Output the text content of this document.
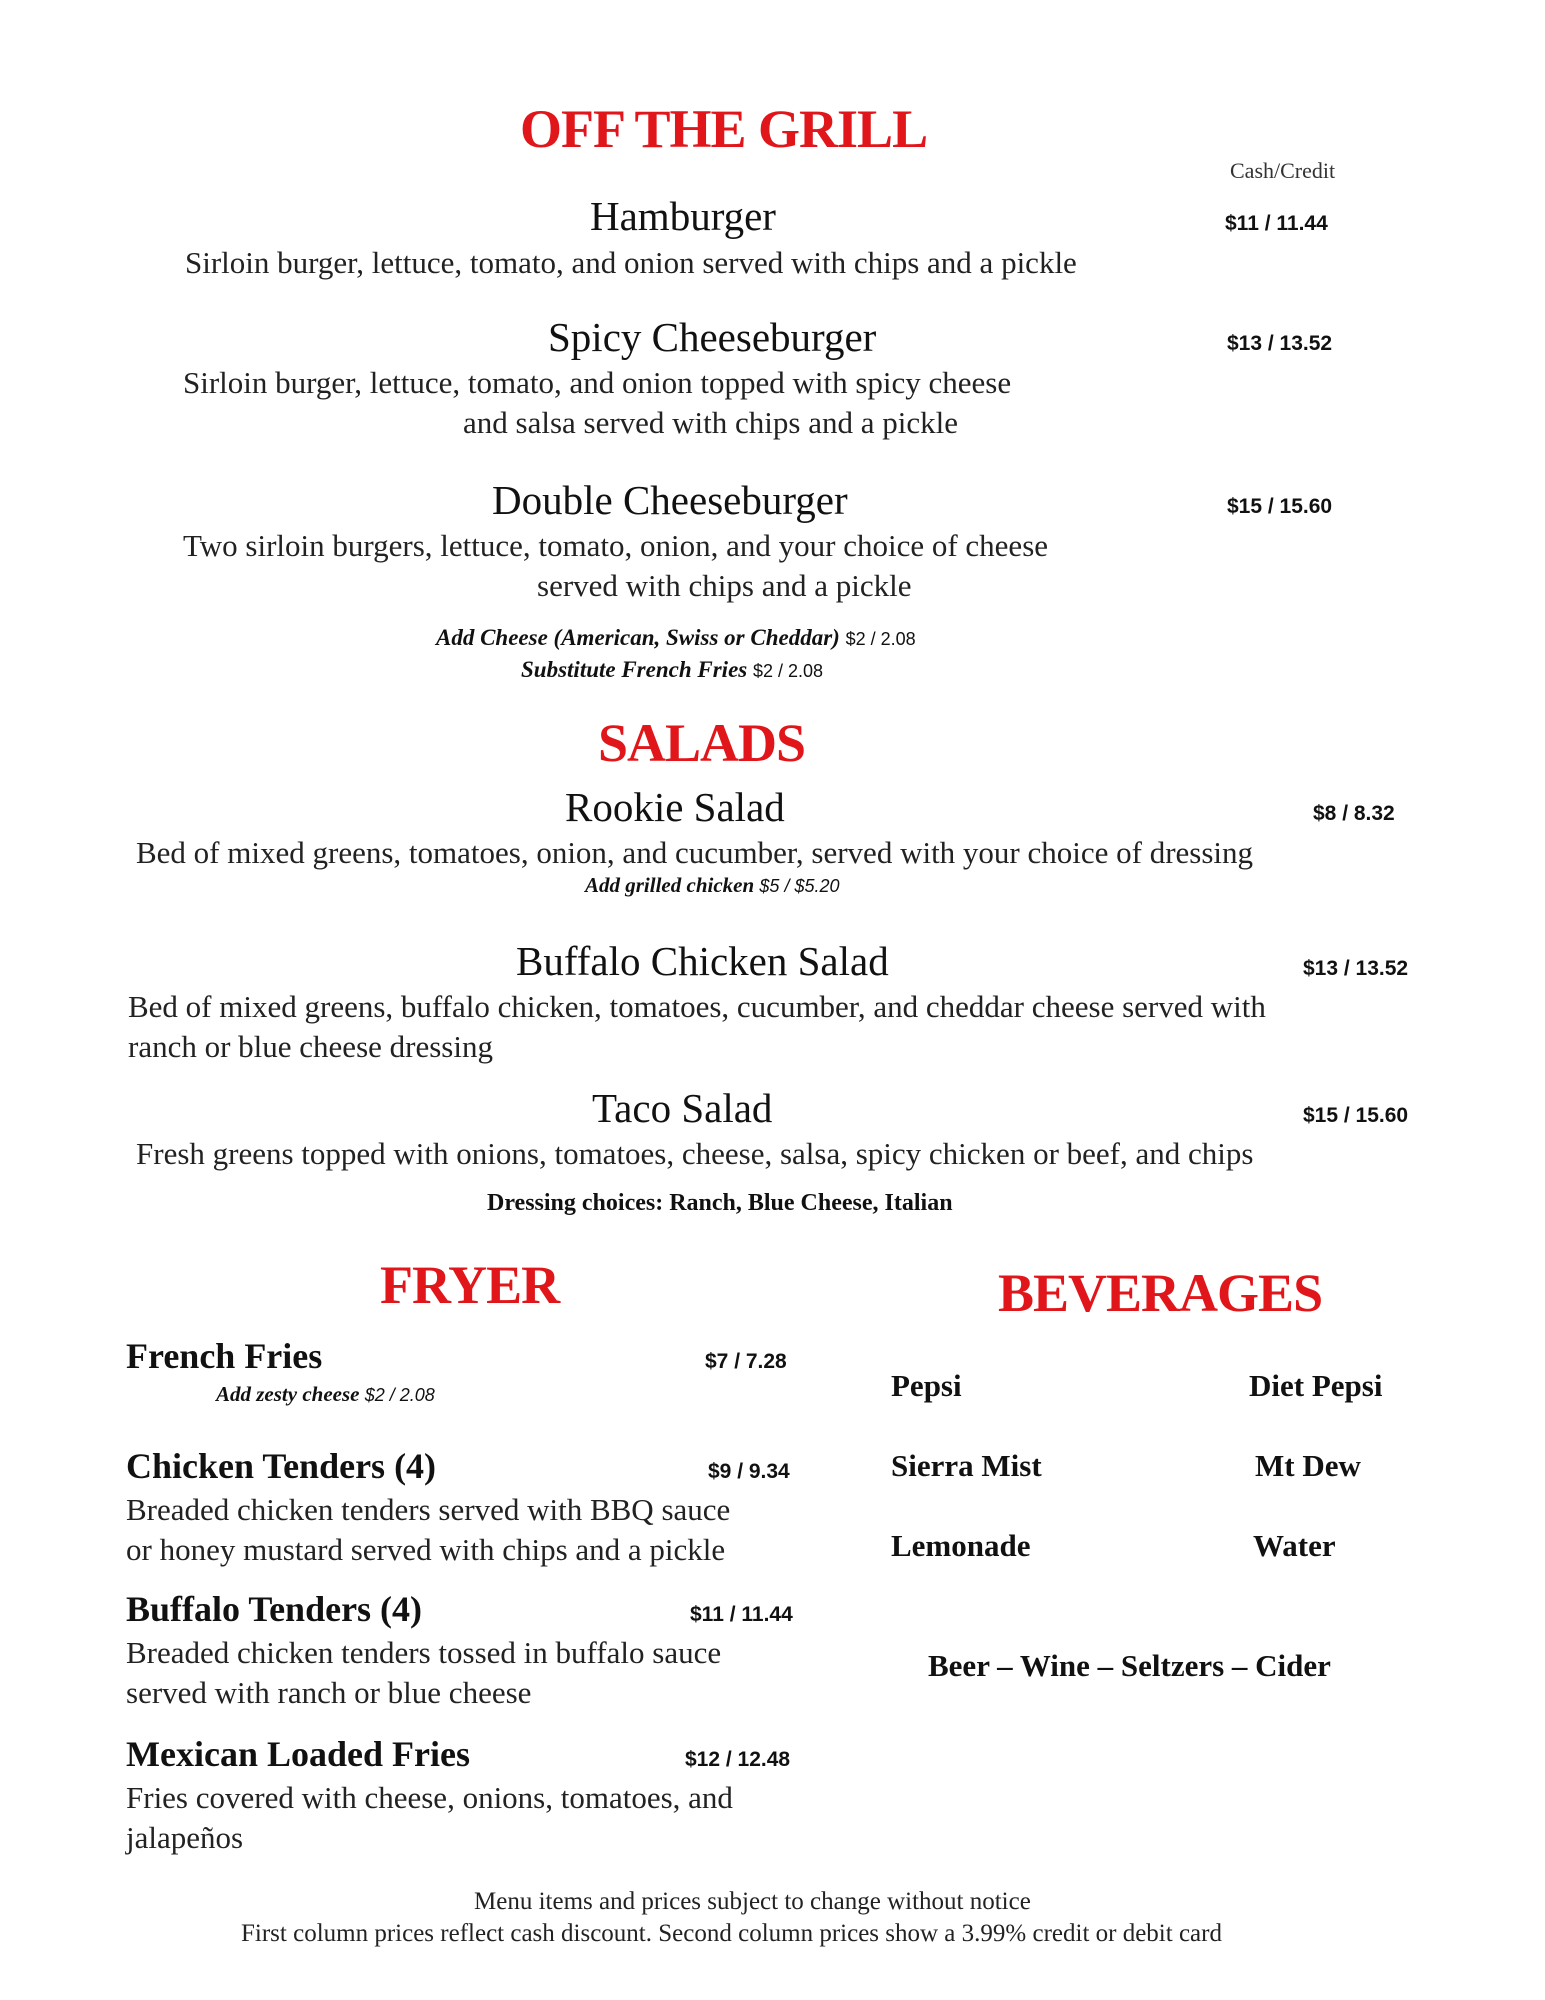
OFF THE GRILL
Cash/Credit
Hamburger	$11 / 11.44
Sirloin burger, lettuce, tomato, and onion served with chips and a pickle
Spicy Cheeseburger	$13 / 13.52
Sirloin burger, lettuce, tomato, and onion topped with spicy cheese
and salsa served with chips and a pickle
Double Cheeseburger	$15 / 15.60
Two sirloin burgers, lettuce, tomato, onion, and your choice of cheese
served with chips and a pickle
Add Cheese (American, Swiss or Cheddar) $2 / 2.08
Substitute French Fries $2 / 2.08
SALADS
Rookie Salad	$8 / 8.32
Bed of mixed greens, tomatoes, onion, and cucumber, served with your choice of dressing
Add grilled chicken $5 / $5.20
Buffalo Chicken Salad	$13 / 13.52
Bed of mixed greens, buffalo chicken, tomatoes, cucumber, and cheddar cheese served with
ranch or blue cheese dressing
Taco Salad	$15 / 15.60
Fresh greens topped with onions, tomatoes, cheese, salsa, spicy chicken or beef, and chips
Dressing choices: Ranch, Blue Cheese, Italian
FRYER
French Fries	$7 / 7.28
Add zesty cheese $2 / 2.08
Chicken Tenders (4)	$9 / 9.34
Breaded chicken tenders served with BBQ sauce
or honey mustard served with chips and a pickle
Buffalo Tenders (4)	$11 / 11.44
Breaded chicken tenders tossed in buffalo sauce
served with ranch or blue cheese
Mexican Loaded Fries	$12 / 12.48
Fries covered with cheese, onions, tomatoes, and
jalapeños
BEVERAGES
Pepsi	Diet Pepsi
Sierra Mist	Mt Dew
Lemonade	Water
Beer – Wine – Seltzers – Cider
Menu items and prices subject to change without notice
First column prices reflect cash discount. Second column prices show a 3.99% credit or debit card
